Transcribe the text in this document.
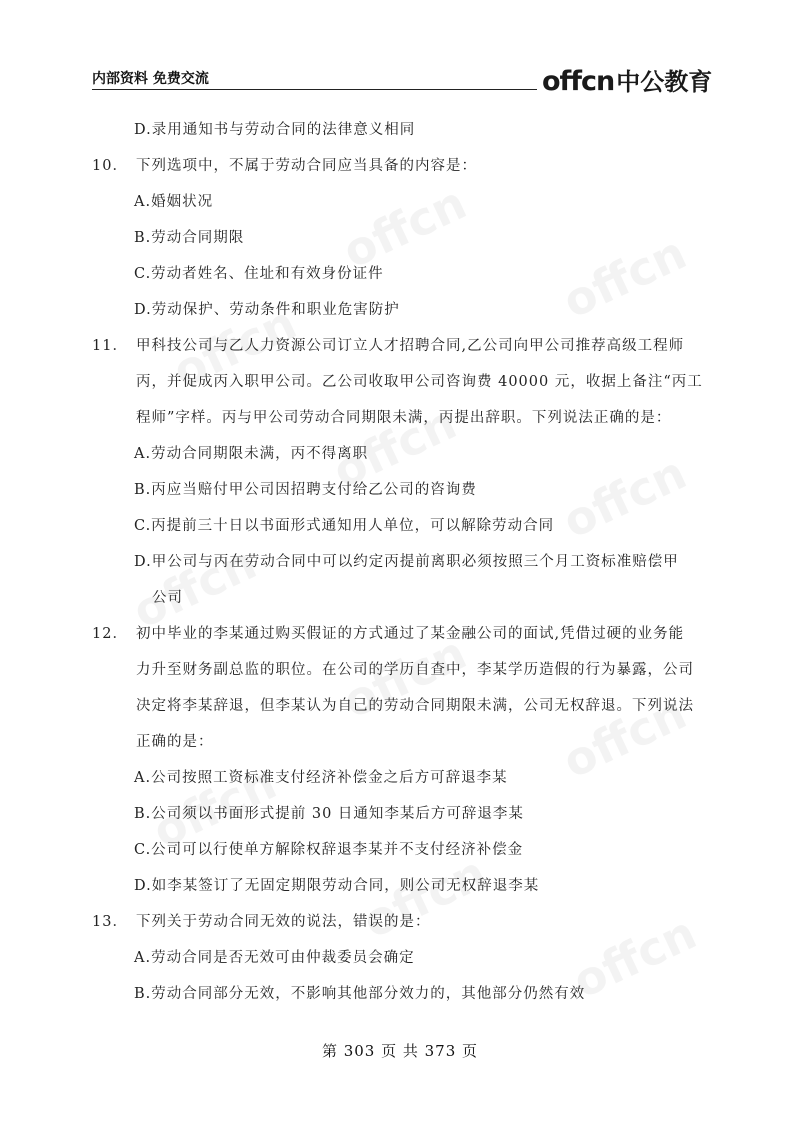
内部资料 免费交流	offcn中公教育
D.录用通知书与劳动合同的法律意义相同
10． 下列选项中，不属于劳动合同应当具备的内容是：
A.婚姻状况
B.劳动合同期限
C.劳动者姓名、住址和有效身份证件
D.劳动保护、劳动条件和职业危害防护
11． 甲科技公司与乙人力资源公司订立人才招聘合同,乙公司向甲公司推荐高级工程师
丙，并促成丙入职甲公司。乙公司收取甲公司咨询费 40000 元，收据上备注“丙工
程师”字样。丙与甲公司劳动合同期限未满，丙提出辞职。下列说法正确的是：
A.劳动合同期限未满，丙不得离职
B.丙应当赔付甲公司因招聘支付给乙公司的咨询费
C.丙提前三十日以书面形式通知用人单位，可以解除劳动合同
D.甲公司与丙在劳动合同中可以约定丙提前离职必须按照三个月工资标准赔偿甲
公司
12． 初中毕业的李某通过购买假证的方式通过了某金融公司的面试,凭借过硬的业务能
力升至财务副总监的职位。在公司的学历自查中，李某学历造假的行为暴露，公司
决定将李某辞退，但李某认为自己的劳动合同期限未满，公司无权辞退。下列说法
正确的是：
A.公司按照工资标准支付经济补偿金之后方可辞退李某
B.公司须以书面形式提前 30 日通知李某后方可辞退李某
C.公司可以行使单方解除权辞退李某并不支付经济补偿金
D.如李某签订了无固定期限劳动合同，则公司无权辞退李某
13． 下列关于劳动合同无效的说法，错误的是：
A.劳动合同是否无效可由仲裁委员会确定
B.劳动合同部分无效，不影响其他部分效力的，其他部分仍然有效
第 303 页 共 373 页
